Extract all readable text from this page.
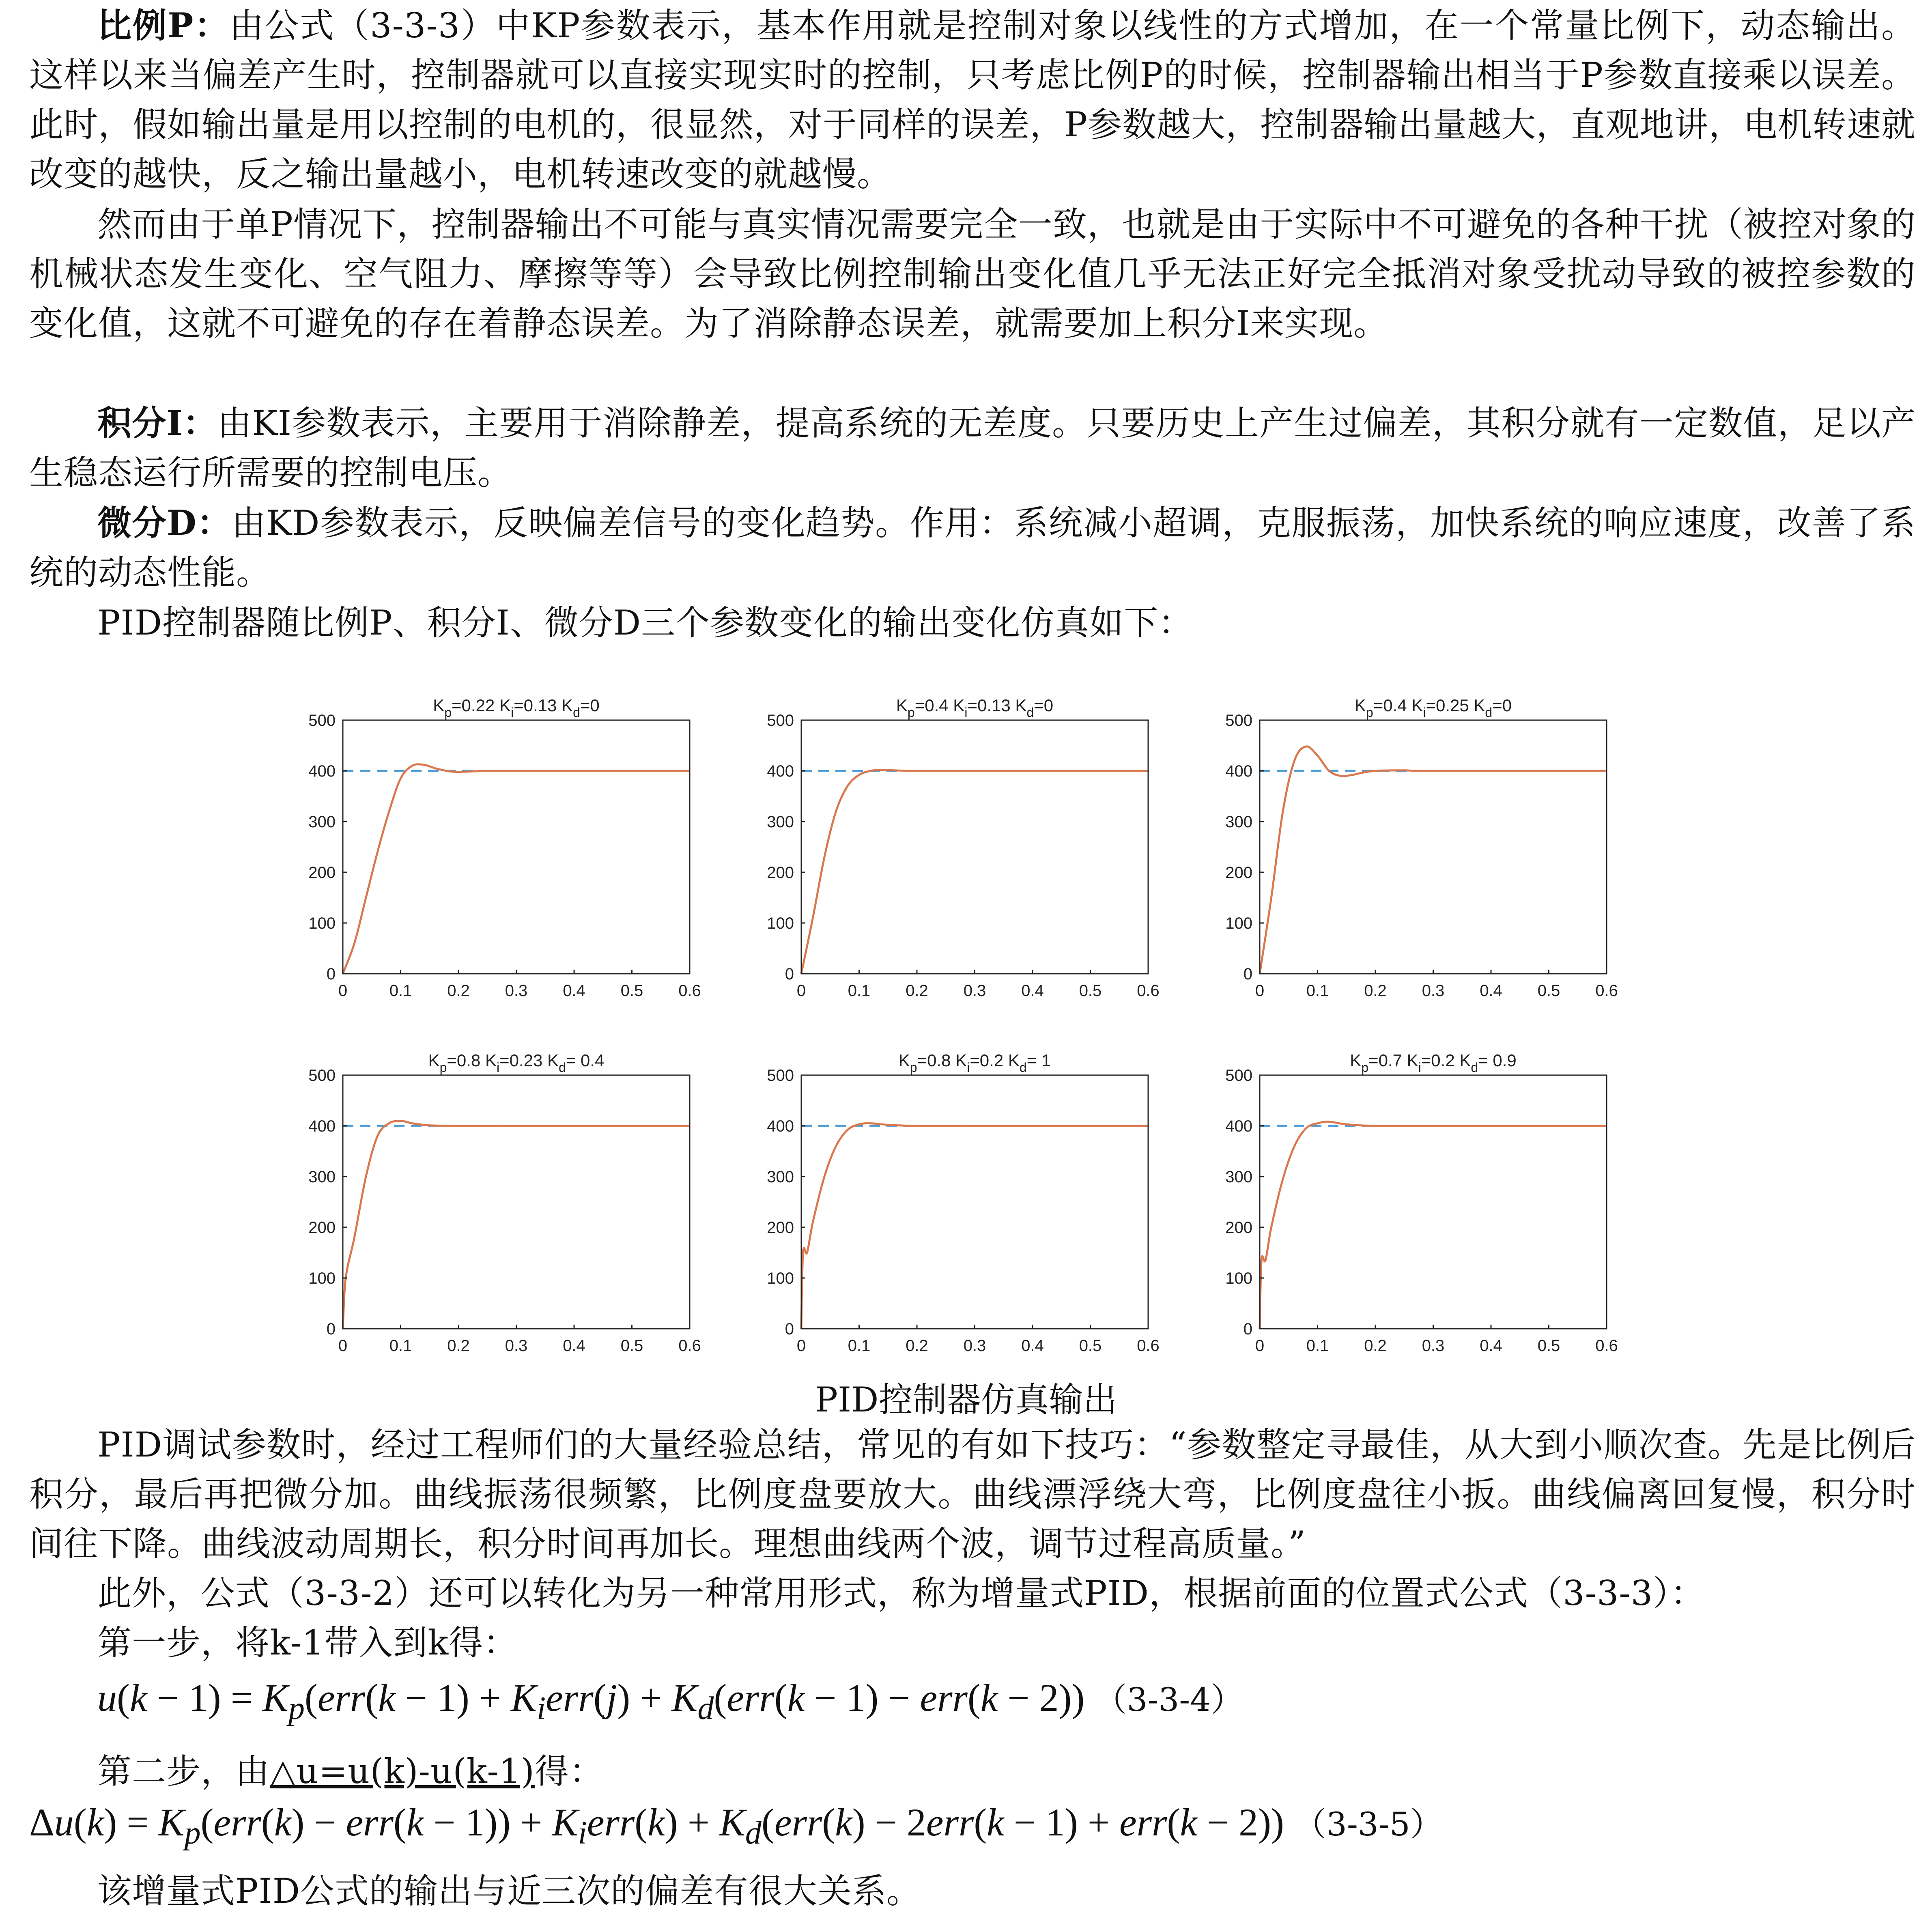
比例P：由公式（3-3-3）中KP参数表示，基本作用就是控制对象以线性的方式增加，在一个常量比例下，动态输出。这样以来当偏差产生时，控制器就可以直接实现实时的控制，只考虑比例P的时候，控制器输出相当于P参数直接乘以误差。此时，假如输出量是用以控制的电机的，很显然，对于同样的误差，P参数越大，控制器输出量越大，直观地讲，电机转速就改变的越快，反之输出量越小，电机转速改变的就越慢。

然而由于单P情况下，控制器输出不可能与真实情况需要完全一致，也就是由于实际中不可避免的各种干扰（被控对象的机械状态发生变化、空气阻力、摩擦等等）会导致比例控制输出变化值几乎无法正好完全抵消对象受扰动导致的被控参数的变化值，这就不可避免的存在着静态误差。为了消除静态误差，就需要加上积分I来实现。

积分I：由KI参数表示，主要用于消除静差，提高系统的无差度。只要历史上产生过偏差，其积分就有一定数值，足以产生稳态运行所需要的控制电压。

微分D：由KD参数表示，反映偏差信号的变化趋势。作用：系统减小超调，克服振荡，加快系统的响应速度，改善了系统的动态性能。

PID控制器随比例P、积分I、微分D三个参数变化的输出变化仿真如下：

0	0.1 0.2 0.3 0.4 0.5 0.6
0
100
200
300
400
500
$K_p=0.22$ $K_i=0.13$ $K_d=0$
0	0.1 0.2 0.3 0.4 0.5 0.6
0
100
200
300
400
500
$K_p=0.4$ $K_i=0.13$ $K_d=0$
0	0.1 0.2 0.3 0.4 0.5 0.6
0
100
200
300
400
500
$K_p=0.4$ $K_i=0.25$ $K_d=0$
0	0.1 0.2 0.3 0.4 0.5 0.6
0
100
200
300
400
500
$K_p=0.8$ $K_i=0.23$ $K_d= 0.4$
0	0.1 0.2 0.3 0.4 0.5 0.6
0
100
200
300
400
500
$K_p=0.8$ $K_i=0.2$ $K_d= 1$
0	0.1 0.2 0.3 0.4 0.5 0.6
0
100
200
300
400
500
$K_p=0.7$ $K_i=0.2$ $K_d= 0.9$
PID控制器仿真输出

PID调试参数时，经过工程师们的大量经验总结，常见的有如下技巧：“参数整定寻最佳，从大到小顺次查。先是比例后积分，最后再把微分加。曲线振荡很频繁，比例度盘要放大。曲线漂浮绕大弯，比例度盘往小扳。曲线偏离回复慢，积分时间往下降。曲线波动周期长，积分时间再加长。理想曲线两个波，调节过程高质量。”

此外，公式（3-3-2）还可以转化为另一种常用形式，称为增量式PID，根据前面的位置式公式（3-3-3）：

第一步，将k-1带入到k得：

$u(k - 1) = K_p(err(k - 1) + K_ierr(j) + K_d(err(k - 1) - err(k - 2))$ （3-3-4）

第二步，由△u=u(k)-u(k-1)得：

$\Delta u(k) = K_p(err(k) - err(k - 1)) + K_ierr(k) + K_d(err(k) - 2err(k - 1) + err(k - 2))$ （3-3-5）

该增量式PID公式的输出与近三次的偏差有很大关系。
